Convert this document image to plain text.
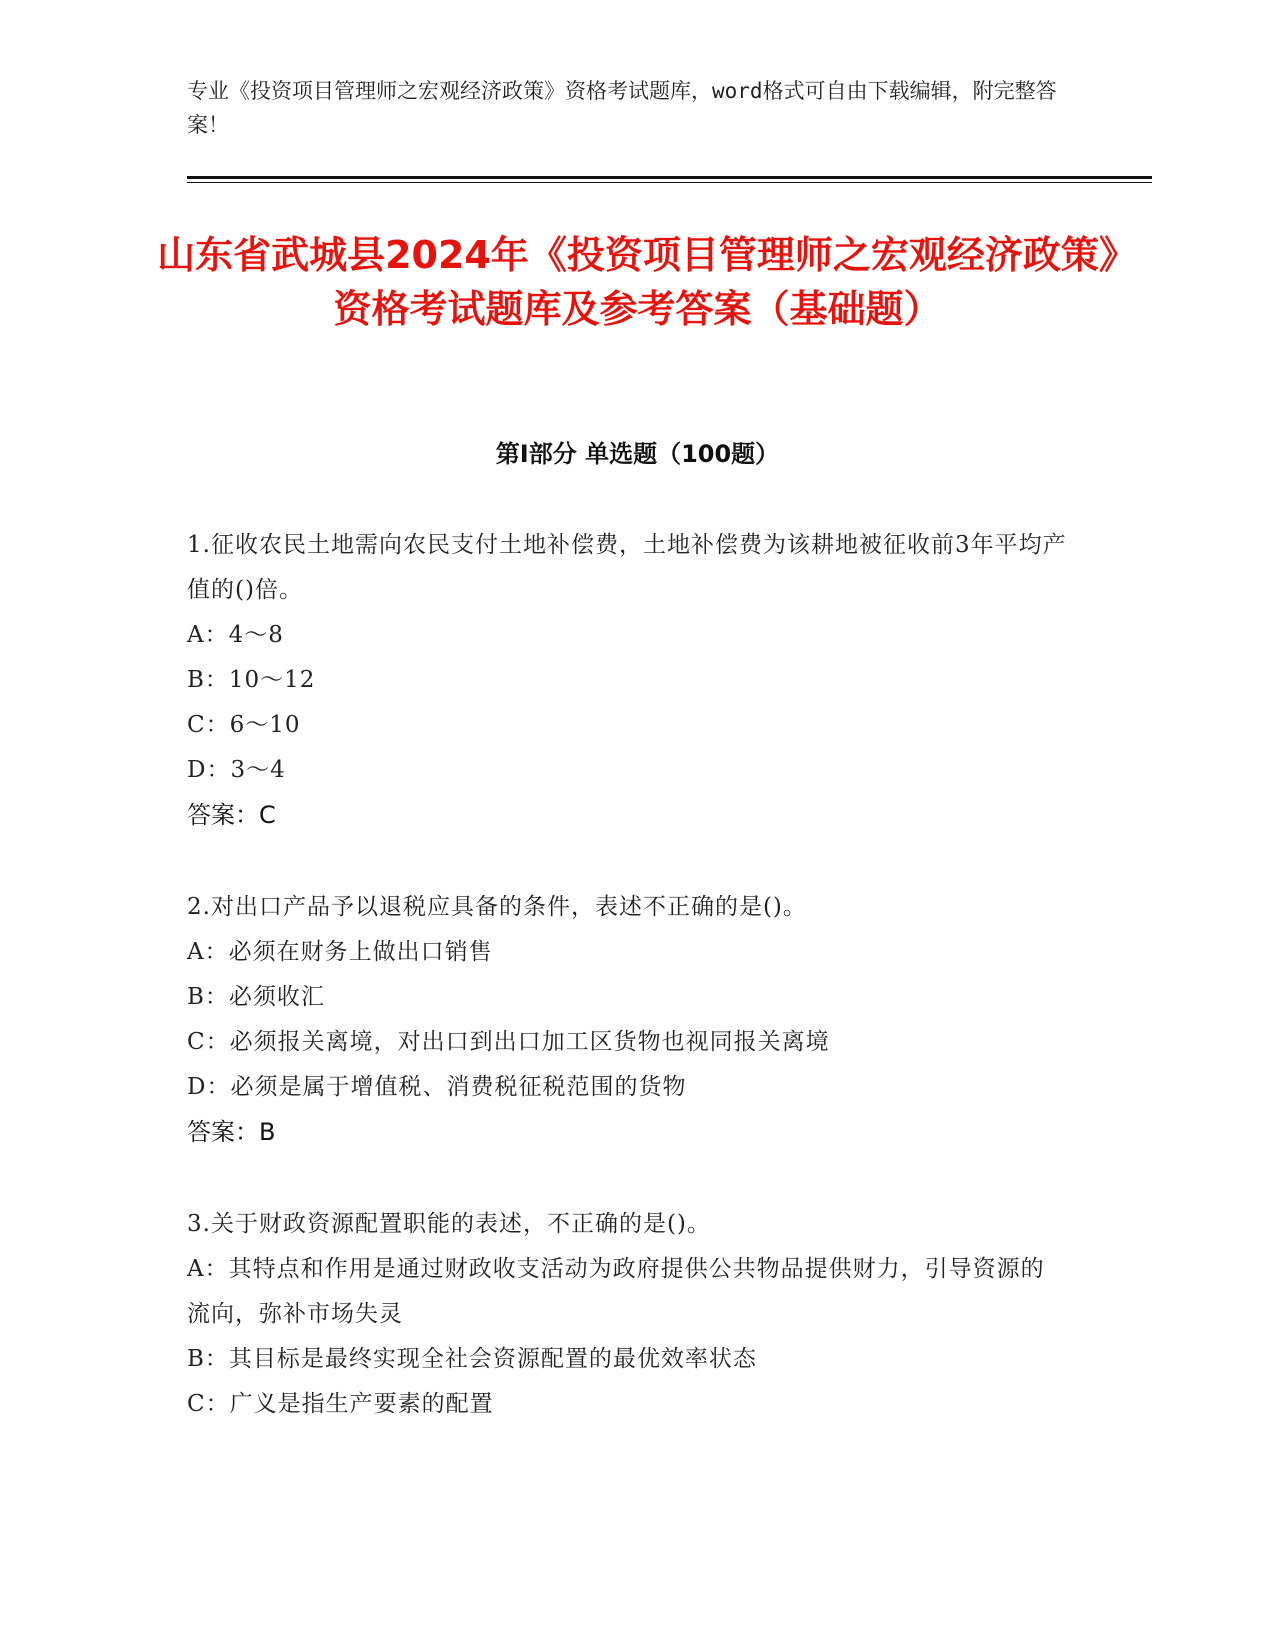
专业《投资项目管理师之宏观经济政策》资格考试题库，word格式可自由下载编辑，附完整答案！
山东省武城县2024年《投资项目管理师之宏观经济政策》资格考试题库及参考答案（基础题）
第I部分 单选题（100题）
1.征收农民土地需向农民支付土地补偿费，土地补偿费为该耕地被征收前3年平均产值的()倍。
A：4～8
B：10～12
C：6～10
D：3～4
答案：C
2.对出口产品予以退税应具备的条件，表述不正确的是()。
A：必须在财务上做出口销售
B：必须收汇
C：必须报关离境，对出口到出口加工区货物也视同报关离境
D：必须是属于增值税、消费税征税范围的货物
答案：B
3.关于财政资源配置职能的表述，不正确的是()。
A：其特点和作用是通过财政收支活动为政府提供公共物品提供财力，引导资源的流向，弥补市场失灵
B：其目标是最终实现全社会资源配置的最优效率状态
C：广义是指生产要素的配置
